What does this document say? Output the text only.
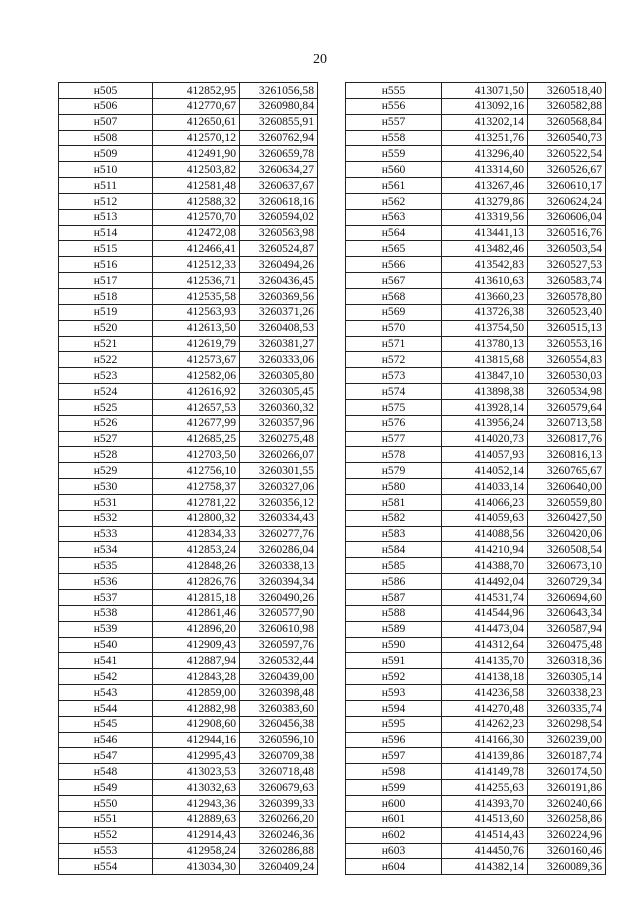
20
н505	412852,95	3261056,58
н506	412770,67	3260980,84
н507	412650,61	3260855,91
н508	412570,12	3260762,94
н509	412491,90	3260659,78
н510	412503,82	3260634,27
н511	412581,48	3260637,67
н512	412588,32	3260618,16
н513	412570,70	3260594,02
н514	412472,08	3260563,98
н515	412466,41	3260524,87
н516	412512,33	3260494,26
н517	412536,71	3260436,45
н518	412535,58	3260369,56
н519	412563,93	3260371,26
н520	412613,50	3260408,53
н521	412619,79	3260381,27
н522	412573,67	3260333,06
н523	412582,06	3260305,80
н524	412616,92	3260305,45
н525	412657,53	3260360,32
н526	412677,99	3260357,96
н527	412685,25	3260275,48
н528	412703,50	3260266,07
н529	412756,10	3260301,55
н530	412758,37	3260327,06
н531	412781,22	3260356,12
н532	412800,32	3260334,43
н533	412834,33	3260277,76
н534	412853,24	3260286,04
н535	412848,26	3260338,13
н536	412826,76	3260394,34
н537	412815,18	3260490,26
н538	412861,46	3260577,90
н539	412896,20	3260610,98
н540	412909,43	3260597,76
н541	412887,94	3260532,44
н542	412843,28	3260439,00
н543	412859,00	3260398,48
н544	412882,98	3260383,60
н545	412908,60	3260456,38
н546	412944,16	3260596,10
н547	412995,43	3260709,38
н548	413023,53	3260718,48
н549	413032,63	3260679,63
н550	412943,36	3260399,33
н551	412889,63	3260266,20
н552	412914,43	3260246,36
н553	412958,24	3260286,88
н554	413034,30	3260409,24
н555	413071,50	3260518,40
н556	413092,16	3260582,88
н557	413202,14	3260568,84
н558	413251,76	3260540,73
н559	413296,40	3260522,54
н560	413314,60	3260526,67
н561	413267,46	3260610,17
н562	413279,86	3260624,24
н563	413319,56	3260606,04
н564	413441,13	3260516,76
н565	413482,46	3260503,54
н566	413542,83	3260527,53
н567	413610,63	3260583,74
н568	413660,23	3260578,80
н569	413726,38	3260523,40
н570	413754,50	3260515,13
н571	413780,13	3260553,16
н572	413815,68	3260554,83
н573	413847,10	3260530,03
н574	413898,38	3260534,98
н575	413928,14	3260579,64
н576	413956,24	3260713,58
н577	414020,73	3260817,76
н578	414057,93	3260816,13
н579	414052,14	3260765,67
н580	414033,14	3260640,00
н581	414066,23	3260559,80
н582	414059,63	3260427,50
н583	414088,56	3260420,06
н584	414210,94	3260508,54
н585	414388,70	3260673,10
н586	414492,04	3260729,34
н587	414531,74	3260694,60
н588	414544,96	3260643,34
н589	414473,04	3260587,94
н590	414312,64	3260475,48
н591	414135,70	3260318,36
н592	414138,18	3260305,14
н593	414236,58	3260338,23
н594	414270,48	3260335,74
н595	414262,23	3260298,54
н596	414166,30	3260239,00
н597	414139,86	3260187,74
н598	414149,78	3260174,50
н599	414255,63	3260191,86
н600	414393,70	3260240,66
н601	414513,60	3260258,86
н602	414514,43	3260224,96
н603	414450,76	3260160,46
н604	414382,14	3260089,36
